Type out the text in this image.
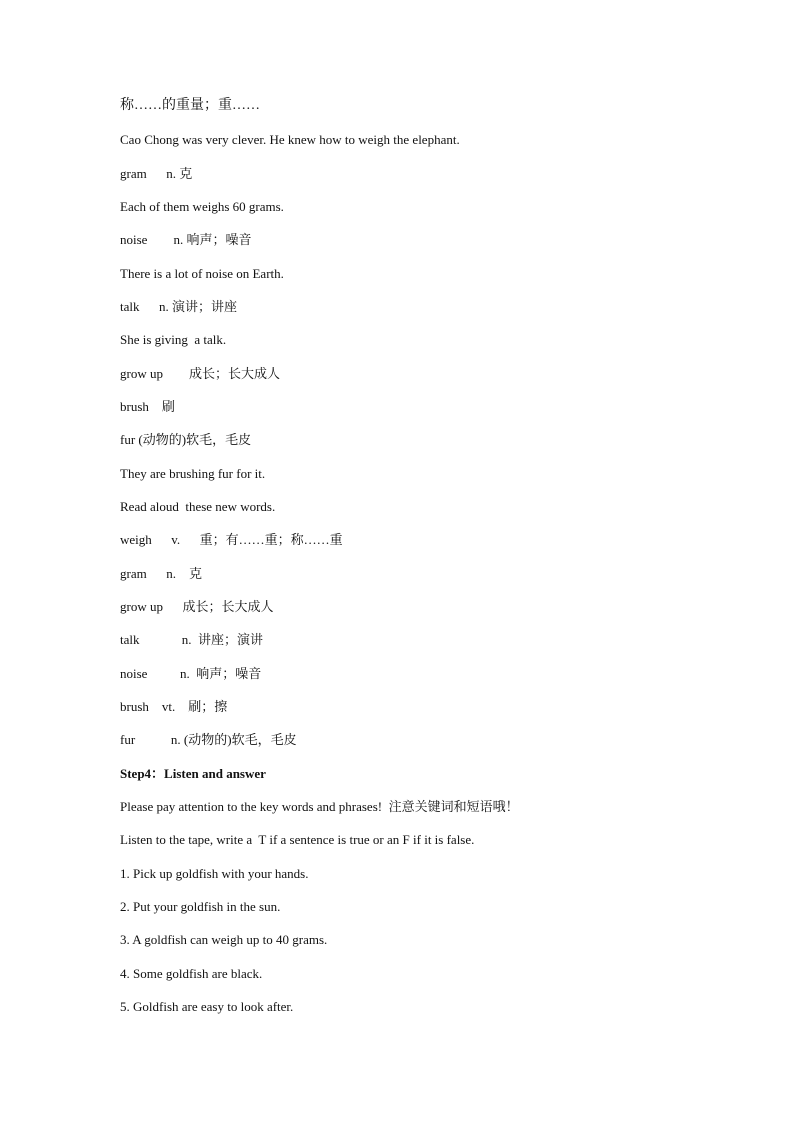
称……的重量；重……
Cao Chong was very clever. He knew how to weigh the elephant.
gram      n. 克
Each of them weighs 60 grams.
noise        n. 响声；噪音
There is a lot of noise on Earth.
talk      n. 演讲；讲座
She is giving  a talk.
grow up        成长；长大成人
brush    刷
fur (动物的)软毛，毛皮
They are brushing fur for it.
Read aloud  these new words.
weigh      v.      重；有……重；称……重
gram      n.    克
grow up      成长；长大成人
talk             n.  讲座；演讲
noise          n.  响声；噪音
brush    vt.    刷；擦
fur           n. (动物的)软毛，毛皮
Step4：Listen and answer
Please pay attention to the key words and phrases!  注意关键词和短语哦！
Listen to the tape, write a  T if a sentence is true or an F if it is false.
1. Pick up goldfish with your hands.
2. Put your goldfish in the sun.
3. A goldfish can weigh up to 40 grams.
4. Some goldfish are black.
5. Goldfish are easy to look after.
